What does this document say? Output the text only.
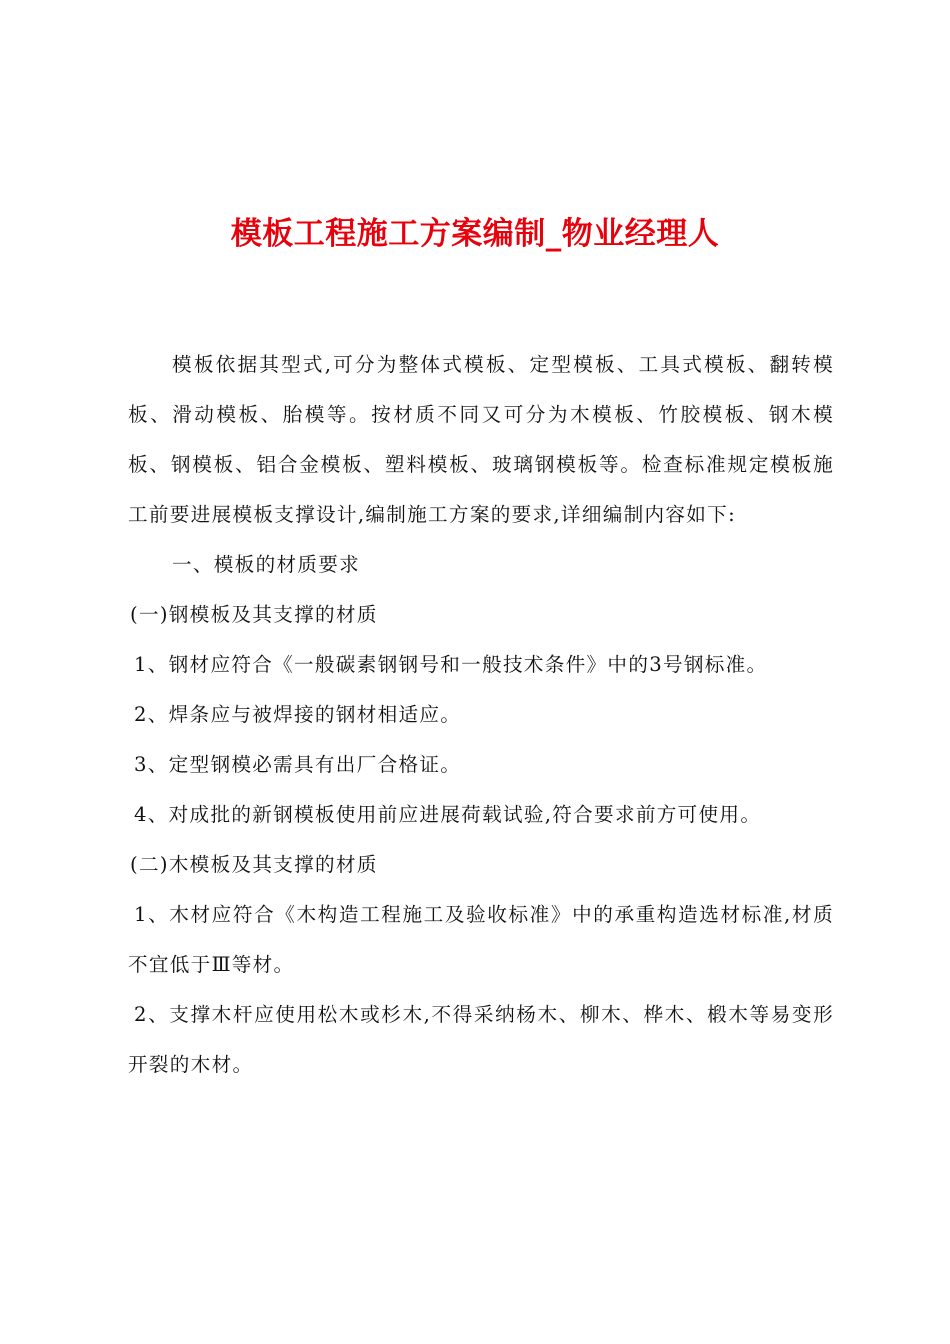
模板工程施工方案编制_物业经理人

模板依据其型式,可分为整体式模板、定型模板、工具式模板、翻转模板、滑动模板、胎模等。按材质不同又可分为木模板、竹胶模板、钢木模板、钢模板、铝合金模板、塑料模板、玻璃钢模板等。检查标准规定模板施工前要进展模板支撑设计,编制施工方案的要求,详细编制内容如下:

一、模板的材质要求

(一)钢模板及其支撑的材质

1、钢材应符合《一般碳素钢钢号和一般技术条件》中的3号钢标准。

2、焊条应与被焊接的钢材相适应。

3、定型钢模必需具有出厂合格证。

4、对成批的新钢模板使用前应进展荷载试验,符合要求前方可使用。

(二)木模板及其支撑的材质

1、木材应符合《木构造工程施工及验收标准》中的承重构造选材标准,材质不宜低于Ⅲ等材。

2、支撑木杆应使用松木或杉木,不得采纳杨木、柳木、桦木、椴木等易变形开裂的木材。
